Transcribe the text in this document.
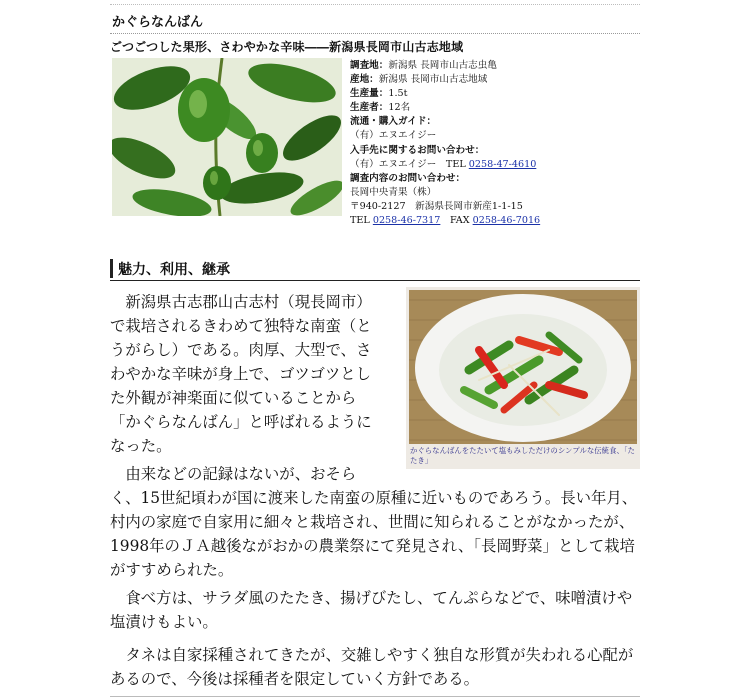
かぐらなんばん
ごつごつした果形、さわやかな辛味――新潟県長岡市山古志地域
調査地：新潟県 長岡市山古志虫亀
産地：新潟県 長岡市山古志地域
生産量：1.5t
生産者：12名
流通・購入ガイド：
（有）エヌエイジー
入手先に関するお問い合わせ：
（有）エヌエイジー　TEL 0258-47-4610
調査内容のお問い合わせ：
長岡中央青果（株）
〒940-2127　新潟県長岡市新産1-1-15
TEL 0258-46-7317　 FAX 0258-46-7016
魅力、利用、継承
かぐらなんばんをたたいて塩もみしただけのシンプルな伝統食、「たたき」
　新潟県古志郡山古志村（現長岡市）
で栽培されるきわめて独特な南蛮（と
うがらし）である。肉厚、大型で、さ
わやかな辛味が身上で、ゴツゴツとし
た外観が神楽面に似ていることから
「かぐらなんばん」と呼ばれるように
なった。
　由来などの記録はないが、おそら
く、15世紀頃わが国に渡来した南蛮の原種に近いものであろう。長い年月、村内の家庭で自家用に細々と栽培され、世間に知られることがなかったが、1998年のＪＡ越後ながおかの農業祭にて発見され、「長岡野菜」として栽培がすすめられた。
　食べ方は、サラダ風のたたき、揚げびたし、てんぷらなどで、味噌漬けや塩漬けもよい。
　タネは自家採種されてきたが、交雑しやすく独自な形質が失われる心配があるので、今後は採種者を限定していく方針である。
